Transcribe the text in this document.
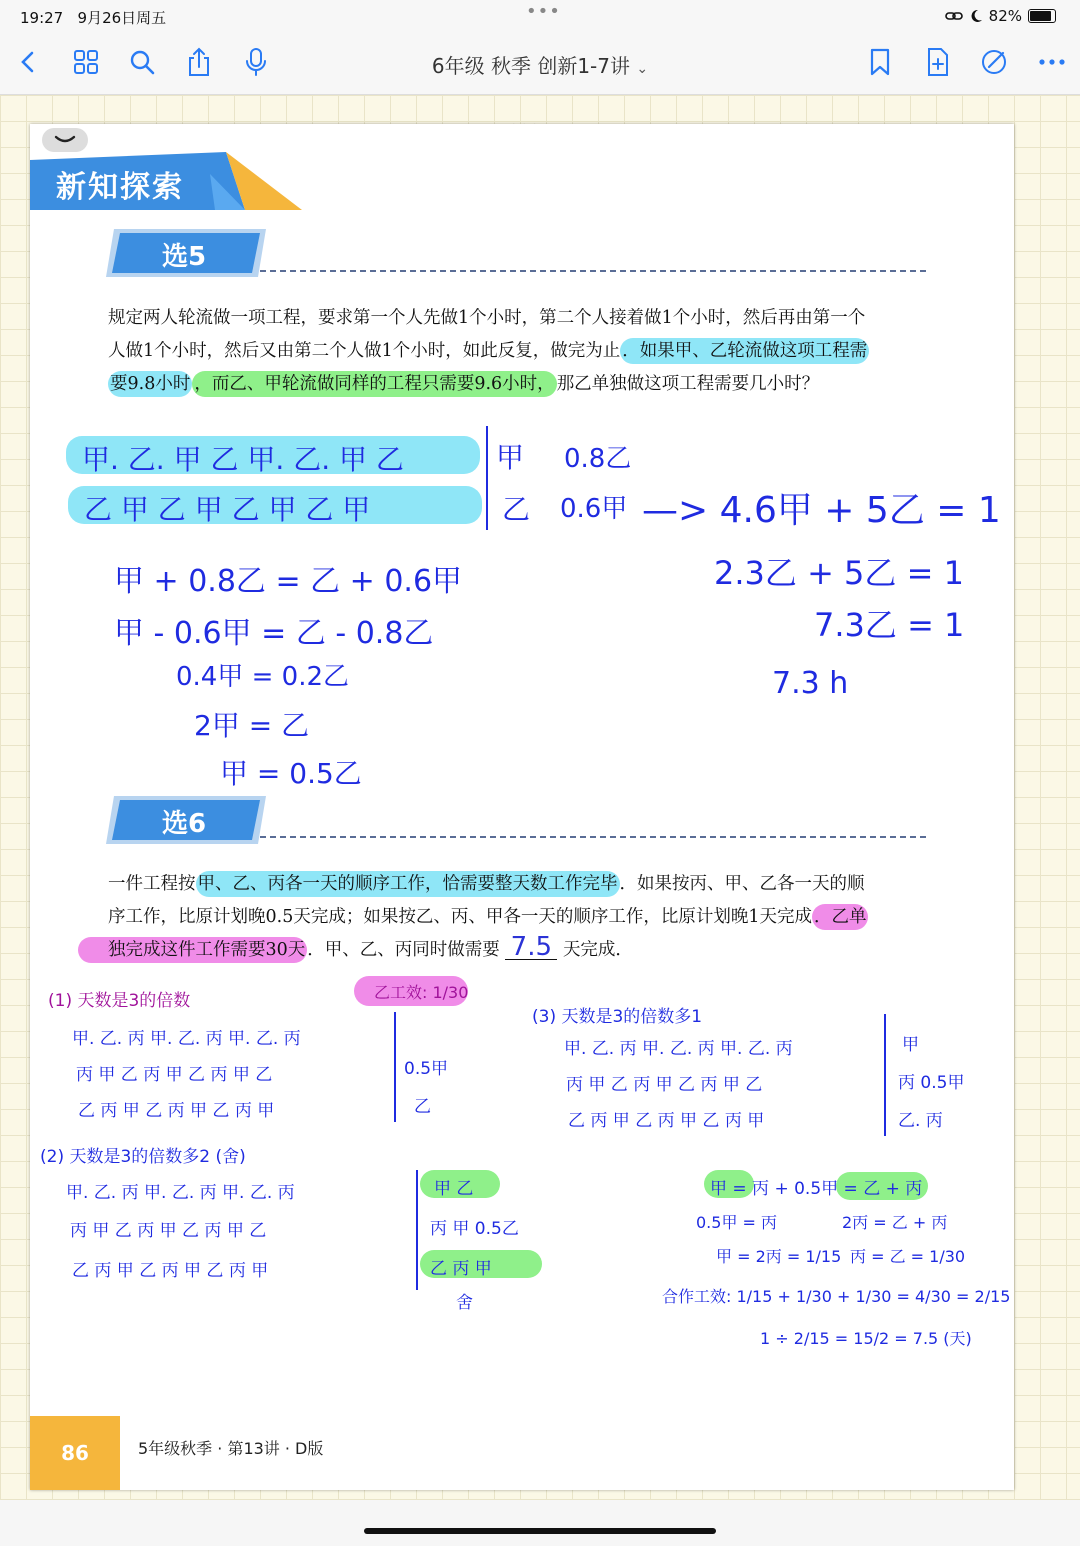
19:27 9月26日周五	•••	82%
6年级 秋季 创新1-7讲 ⌄
新知探索
选5
规定两人轮流做一项工程，要求第一个人先做1个小时，第二个人接着做1个小时，然后再由第一个
人做1个小时，然后又由第二个人做1个小时，如此反复，做完为止 ．如果甲、乙轮流做这项工程需
要9.8小时 ，而乙、甲轮流做同样的工程只需要9.6小时， 那乙单独做这项工程需要几小时？
甲. 乙. 甲 乙 甲. 乙. 甲 乙
乙 甲 乙 甲 乙 甲 乙 甲
甲 0.8乙
乙 0.6甲 —> 4.6甲 + 5乙 = 1
甲 + 0.8乙 = 乙 + 0.6甲
甲 - 0.6甲 = 乙 - 0.8乙
0.4甲 = 0.2乙
2甲 = 乙
甲 = 0.5乙
2.3乙 + 5乙 = 1
7.3乙 = 1
7.3 h
选6
一件工程按 甲、乙、丙各一天的顺序工作，恰需要整天数工作完毕 ．如果按丙、甲、乙各一天的顺
序工作，比原计划晚0.5天完成；如果按乙、丙、甲各一天的顺序工作，比原计划晚1天完成 ．乙单
独完成这件工作需要30天 ．甲、乙、丙同时做需要 7.5 天完成．
(1) 天数是3的倍数	乙工效: 1/30
甲. 乙. 丙 甲. 乙. 丙 甲. 乙. 丙
丙 甲 乙 丙 甲 乙 丙 甲 乙
乙 丙 甲 乙 丙 甲 乙 丙 甲
0.5甲
乙
(3) 天数是3的倍数多1
甲. 乙. 丙 甲. 乙. 丙 甲. 乙. 丙
丙 甲 乙 丙 甲 乙 丙 甲 乙
乙 丙 甲 乙 丙 甲 乙 丙 甲
甲
丙 0.5甲
乙. 丙
(2) 天数是3的倍数多2 (舍)
甲. 乙. 丙 甲. 乙. 丙 甲. 乙. 丙
丙 甲 乙 丙 甲 乙 丙 甲 乙
乙 丙 甲 乙 丙 甲 乙 丙 甲
甲 乙
丙 甲 0.5乙
乙 丙 甲
舍
甲 = 丙 + 0.5甲 = 乙 + 丙
0.5甲 = 丙	2丙 = 乙 + 丙
甲 = 2丙 = 1/15 丙 = 乙 = 1/30
合作工效: 1/15 + 1/30 + 1/30 = 4/30 = 2/15
1 ÷ 2/15 = 15/2 = 7.5 (天)
86	5年级秋季 · 第13讲 · D版
